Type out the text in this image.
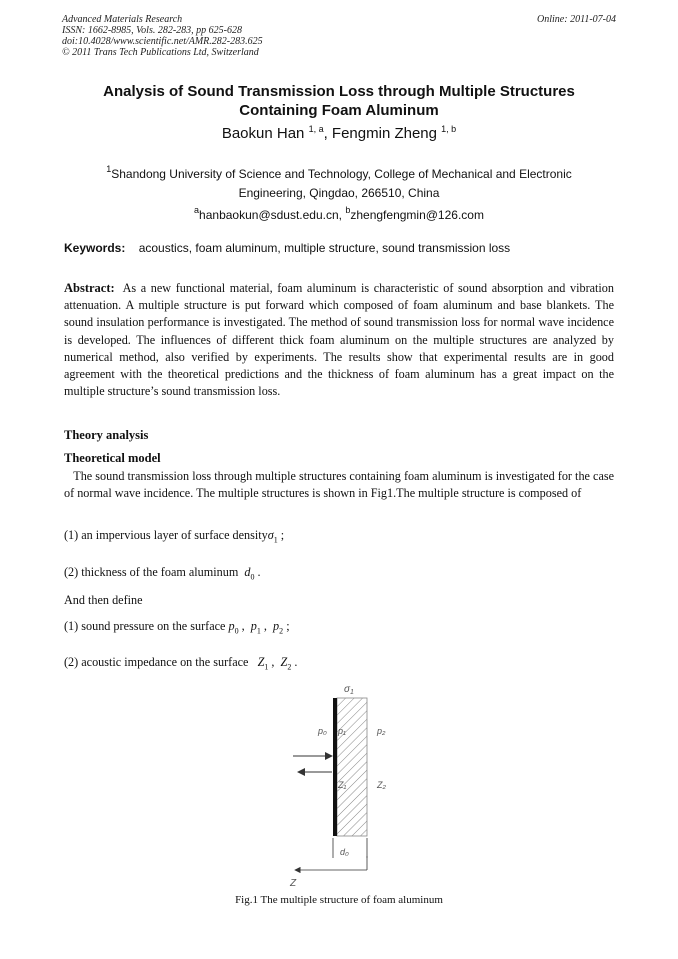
Advanced Materials Research
ISSN: 1662-8985, Vols. 282-283, pp 625-628
doi:10.4028/www.scientific.net/AMR.282-283.625
© 2011 Trans Tech Publications Ltd, Switzerland
Online: 2011-07-04
Analysis of Sound Transmission Loss through Multiple Structures
Containing Foam Aluminum
Baokun Han $^{1, a}$, Fengmin Zheng $^{1, b}$
$^1$Shandong University of Science and Technology, College of Mechanical and Electronic
Engineering, Qingdao, 266510, China
$^a$hanbaokun@sdust.edu.cn, $^b$zhengfengmin@126.com
Keywords: acoustics, foam aluminum, multiple structure, sound transmission loss
Abstract: As a new functional material, foam aluminum is characteristic of sound absorption and vibration attenuation. A multiple structure is put forward which composed of foam aluminum and base blankets. The sound insulation performance is investigated. The method of sound transmission loss for normal wave incidence is developed. The influences of different thick foam aluminum on the multiple structures are analyzed by numerical method, also verified by experiments. The results show that experimental results are in good agreement with the theoretical predictions and the thickness of foam aluminum has a great impact on the multiple structure’s sound transmission loss.
Theory analysis
Theoretical model
The sound transmission loss through multiple structures containing foam aluminum is investigated for the case of normal wave incidence. The multiple structures is shown in Fig1.The multiple structure is composed of
(1) an impervious layer of surface densityσ$_1$ ;
(2) thickness of the foam aluminum $d_0$ .
And then define
(1) sound pressure on the surface $p_0$ ,  $p_1$ ,  $p_2$ ;
(2) acoustic impedance on the surface $Z_1$ ,  $Z_2$ .
$\sigma_1$
p₀ p₁	p₂
Z₁	Z₂
d₀
Z
Fig.1 The multiple structure of foam aluminum
